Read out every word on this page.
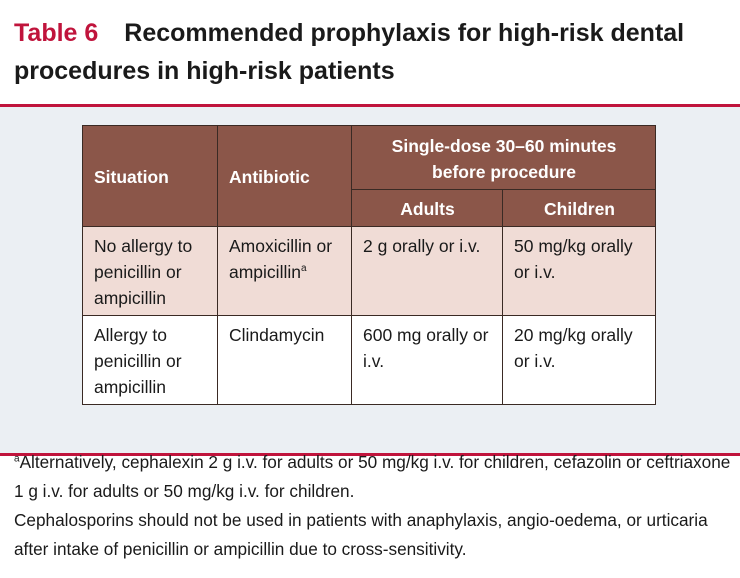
Table 6 Recommended prophylaxis for high-risk dental procedures in high-risk patients
Situation	Antibiotic	Single-dose 30–60 minutes before procedure	
		Adults	Children
No allergy to penicillin or ampicillin	Amoxicillin or ampicillin$^a$	2 g orally or i.v.	50 mg/kg orally or i.v.
Allergy to penicillin or ampicillin	Clindamycin	600 mg orally or i.v.	20 mg/kg orally or i.v.

$^a$Alternatively, cephalexin 2 g i.v. for adults or 50 mg/kg i.v. for children, cefazolin or ceftriaxone 1 g i.v. for adults or 50 mg/kg i.v. for children.

Cephalosporins should not be used in patients with anaphylaxis, angio-oedema, or urticaria after intake of penicillin or ampicillin due to cross-sensitivity.
